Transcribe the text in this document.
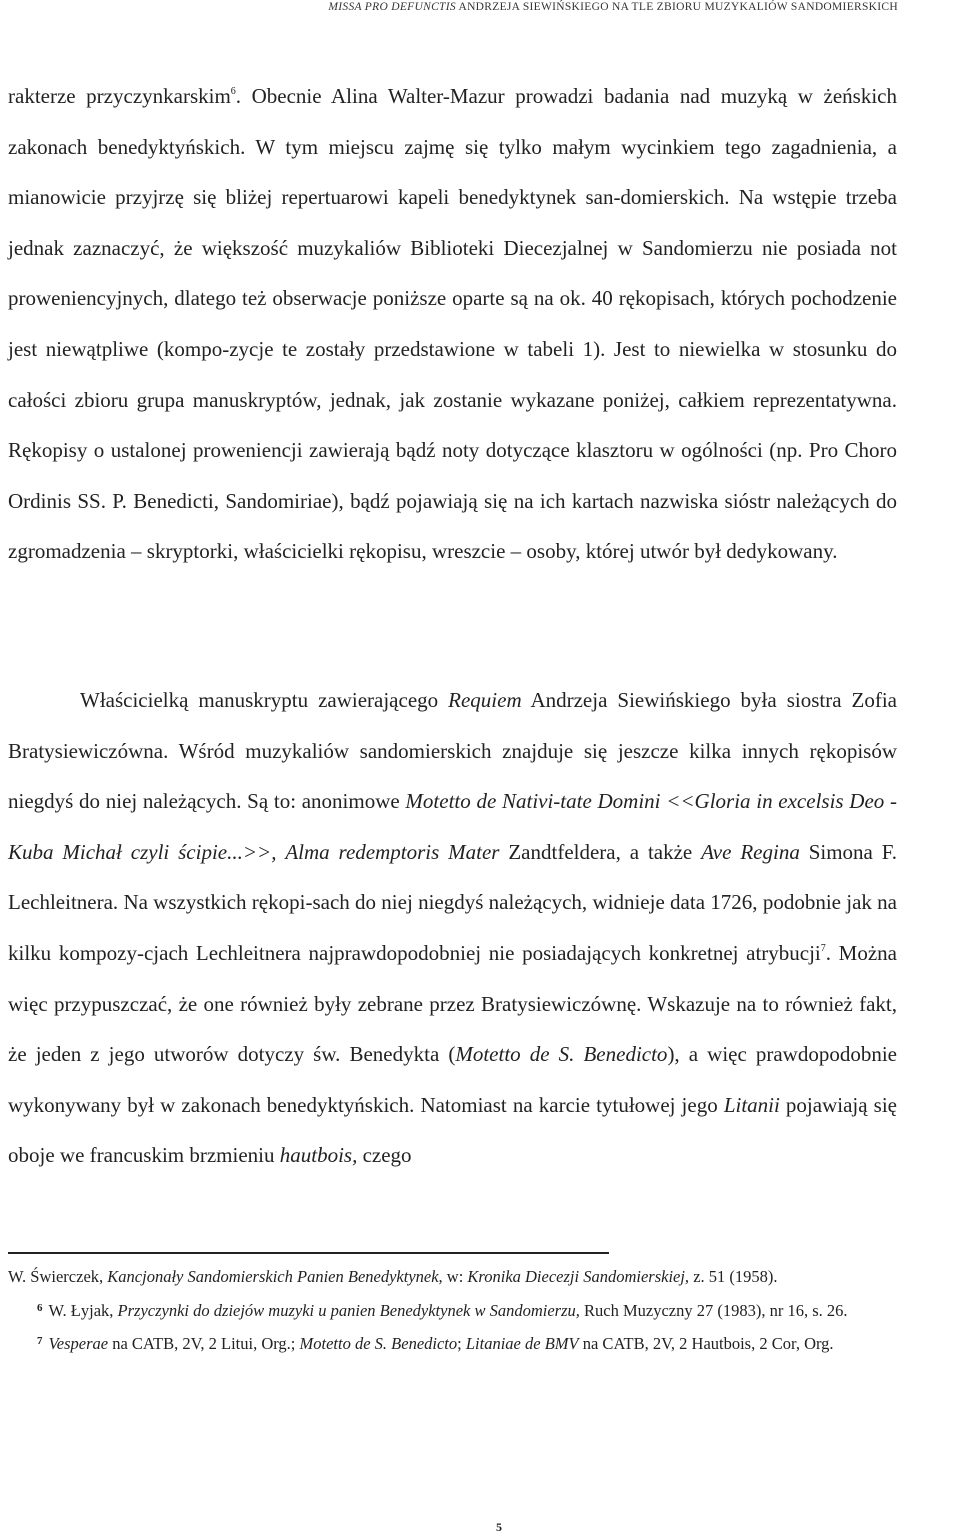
MISSA PRO DEFUNCTIS ANDRZEJA SIEWIŃSKIEGO NA TLE ZBIORU MUZYKALIÓW SANDOMIERSKICH

rakterze przyczynkarskim$^6$. Obecnie Alina Walter-Mazur prowadzi badania nad muzyką w żeńskich zakonach benedyktyńskich. W tym miejscu zajmę się tylko małym wycinkiem tego zagadnienia, a mianowicie przyjrzę się bliżej repertuarowi kapeli benedyktynek san-domierskich. Na wstępie trzeba jednak zaznaczyć, że większość muzykaliów Biblioteki Diecezjalnej w Sandomierzu nie posiada not proweniencyjnych, dlatego też obserwacje poniższe oparte są na ok. 40 rękopisach, których pochodzenie jest niewątpliwe (kompo-zycje te zostały przedstawione w tabeli 1). Jest to niewielka w stosunku do całości zbioru grupa manuskryptów, jednak, jak zostanie wykazane poniżej, całkiem reprezentatywna. Rękopisy o ustalonej proweniencji zawierają bądź noty dotyczące klasztoru w ogólności (np. Pro Choro Ordinis SS. P. Benedicti, Sandomiriae), bądź pojawiają się na ich kartach nazwiska sióstr należących do zgromadzenia – skryptorki, właścicielki rękopisu, wreszcie – osoby, której utwór był dedykowany.

Właścicielką manuskryptu zawierającego Requiem Andrzeja Siewińskiego była siostra Zofia Bratysiewiczówna. Wśród muzykaliów sandomierskich znajduje się jeszcze kilka innych rękopisów niegdyś do niej należących. Są to: anonimowe Motetto de Nativi-tate Domini <<Gloria in excelsis Deo - Kuba Michał czyli ścipie...>>, Alma redemptoris Mater Zandtfeldera, a także Ave Regina Simona F. Lechleitnera. Na wszystkich rękopi-sach do niej niegdyś należących, widnieje data 1726, podobnie jak na kilku kompozy-cjach Lechleitnera najprawdopodobniej nie posiadających konkretnej atrybucji$^7$. Można więc przypuszczać, że one również były zebrane przez Bratysiewiczównę. Wskazuje na to również fakt, że jeden z jego utworów dotyczy św. Benedykta (Motetto de S. Benedicto), a więc prawdopodobnie wykonywany był w zakonach benedyktyńskich. Natomiast na karcie tytułowej jego Litanii pojawiają się oboje we francuskim brzmieniu hautbois, czego

W. Świerczek, Kancjonały Sandomierskich Panien Benedyktynek, w: Kronika Diecezji Sandomierskiej, z. 51 (1958).

$^6$ W. Łyjak, Przyczynki do dziejów muzyki u panien Benedyktynek w Sandomierzu, Ruch Muzyczny 27 (1983), nr 16, s. 26.

$^7$ Vesperae na CATB, 2V, 2 Litui, Org.; Motetto de S. Benedicto; Litaniae de BMV na CATB, 2V, 2 Hautbois, 2 Cor, Org.

5
